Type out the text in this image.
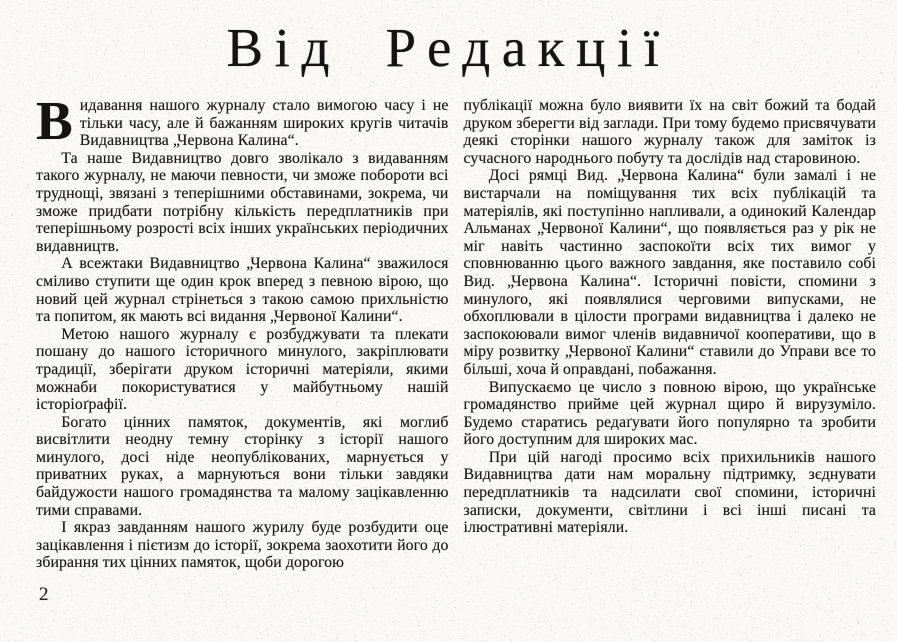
Від Редакції

Видавання нашого журналу стало вимогою часу і не тільки часу, але й бажанням широких кругів читачів Видавництва „Червона Калина“.

Та наше Видавництво довго зволікало з видаванням такого журналу, не маючи певности, чи зможе побороти всі труднощі, звязані з теперішними обставинами, зокрема, чи зможе придбати потрібну кількість передплатників при теперішньому розрості всіх інших українських періодичних видавництв.

А всежтаки Видавництво „Червона Калина“ зважилося сміливо ступити ще один крок вперед з певною вірою, що новий цей журнал стрінеться з такою самою прихльністю та попитом, як мають всі видання „Червоної Калини“.

Метою нашого журналу є розбуджувати та плекати пошану до нашого історичного минулого, закріплювати традиції, зберігати друком історичні матеріяли, якими можнаби покористуватися у майбутньому нашій історіоґрафії.

Богато цінних памяток, документів, які моглиб висвітлити неодну темну сторінку з історії нашого минулого, досі ніде неопублікованих, марнується у приватних руках, а марнуються вони тільки завдяки байдужости нашого громадянства та малому зацікавленню тими справами.

І якраз завданням нашого журилу буде розбудити оце зацікавлення і пієтизм до історії, зокрема заохотити його до збирання тих цінних памяток, щоби дорогою

публікації можна було виявити їх на світ божий та бодай друком зберегти від заглади. При тому будемо присвячувати деякі сторінки нашого журналу також для заміток із сучасного народнього побуту та дослідів над старовиною.

Досі рямці Вид. „Червона Калина“ були замалі і не вистарчали на поміщування тих всіх публікацій та матеріялів, які поступінно напливали, а одинокий Календар Альманах „Червоної Калини“, що появляється раз у рік не міг навіть частинно заспокоїти всіх тих вимог у сповнюванню цього важного завдання, яке поставило собі Вид. „Червона Калина“. Історичні повісти, спомини з минулого, які появлялися черговими випусками, не обхоплювали в цілости програми видавництва і далеко не заспокоювали вимог членів видавничої кооперативи, що в міру розвитку „Червоної Калини“ ставили до Управи все то більші, хоча й оправдані, побажання.

Випускаємо це число з повною вірою, що українське громадянство прийме цей журнал щиро й вирузуміло. Будемо старатись редаґувати його популярно та зробити його доступним для широких мас.

При цій нагоді просимо всіх прихильників нашого Видавництва дати нам моральну підтримку, зєднувати передплатників та надсилати свої спомини, історичні записки, документи, світлини і всі інші писані та ілюстративні матеріяли.

2
